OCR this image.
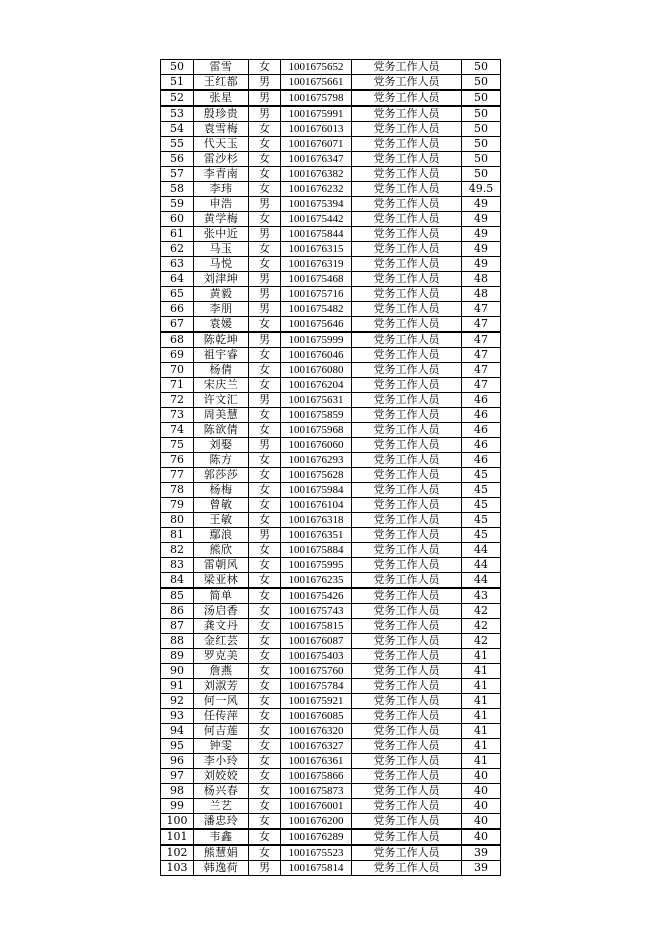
50	雷雪	女	1001675652	党务工作人员	50
51	王红都	男	1001675661	党务工作人员	50
52	张星	男	1001675798	党务工作人员	50
53	殷珍贵	男	1001675991	党务工作人员	50
54	袁雪梅	女	1001676013	党务工作人员	50
55	代天玉	女	1001676071	党务工作人员	50
56	雷沙杉	女	1001676347	党务工作人员	50
57	李青南	女	1001676382	党务工作人员	50
58	李玮	女	1001676232	党务工作人员	49.5
59	申浩	男	1001675394	党务工作人员	49
60	黄学梅	女	1001675442	党务工作人员	49
61	张中近	男	1001675844	党务工作人员	49
62	马玉	女	1001676315	党务工作人员	49
63	马悦	女	1001676319	党务工作人员	49
64	刘津坤	男	1001675468	党务工作人员	48
65	黄毅	男	1001675716	党务工作人员	48
66	李朋	男	1001675482	党务工作人员	47
67	袁媛	女	1001675646	党务工作人员	47
68	陈乾坤	男	1001675999	党务工作人员	47
69	祖宇睿	女	1001676046	党务工作人员	47
70	杨倩	女	1001676080	党务工作人员	47
71	宋庆兰	女	1001676204	党务工作人员	47
72	许文汇	男	1001675631	党务工作人员	46
73	周美慧	女	1001675859	党务工作人员	46
74	陈欲倩	女	1001675968	党务工作人员	46
75	刘娶	男	1001676060	党务工作人员	46
76	陈方	女	1001676293	党务工作人员	46
77	郭莎莎	女	1001675628	党务工作人员	45
78	杨梅	女	1001675984	党务工作人员	45
79	曾敏	女	1001676104	党务工作人员	45
80	王敏	女	1001676318	党务工作人员	45
81	鄢浪	男	1001676351	党务工作人员	45
82	熊欣	女	1001675884	党务工作人员	44
83	雷朝风	女	1001675995	党务工作人员	44
84	梁亚林	女	1001676235	党务工作人员	44
85	简单	女	1001675426	党务工作人员	43
86	汤启香	女	1001675743	党务工作人员	42
87	龚文丹	女	1001675815	党务工作人员	42
88	金红芸	女	1001676087	党务工作人员	42
89	罗克美	女	1001675403	党务工作人员	41
90	詹燕	女	1001675760	党务工作人员	41
91	刘淑芳	女	1001675784	党务工作人员	41
92	何一风	女	1001675921	党务工作人员	41
93	任传萍	女	1001676085	党务工作人员	41
94	何吉莲	女	1001676320	党务工作人员	41
95	钟雯	女	1001676327	党务工作人员	41
96	李小玲	女	1001676361	党务工作人员	41
97	刘姣姣	女	1001675866	党务工作人员	40
98	杨兴春	女	1001675873	党务工作人员	40
99	兰艺	女	1001676001	党务工作人员	40
100	潘忠玲	女	1001676200	党务工作人员	40
101	韦鑫	女	1001676289	党务工作人员	40
102	熊慧娟	女	1001675523	党务工作人员	39
103	韩逸荷	男	1001675814	党务工作人员	39
